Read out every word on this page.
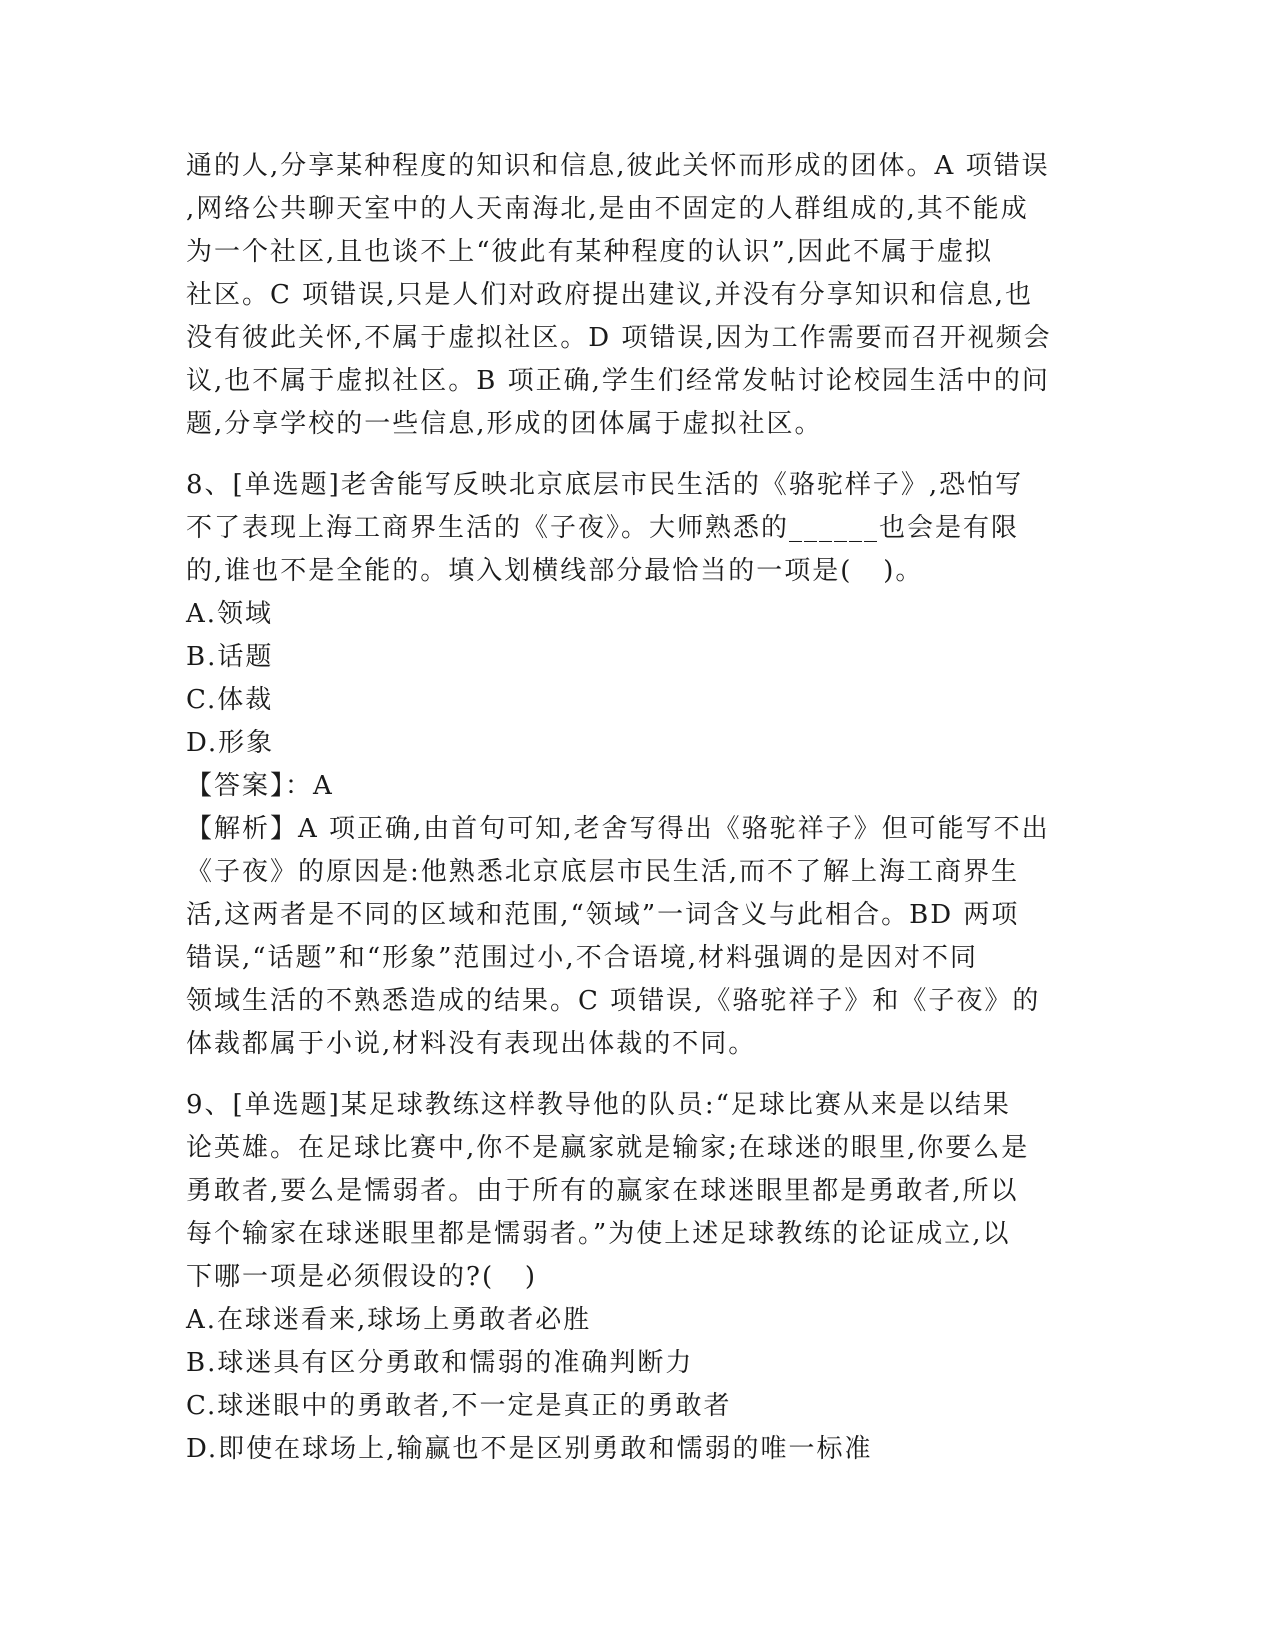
通的人,分享某种程度的知识和信息,彼此关怀而形成的团体。A 项错误
,网络公共聊天室中的人天南海北,是由不固定的人群组成的,其不能成
为一个社区,且也谈不上“彼此有某种程度的认识”,因此不属于虚拟
社区。C 项错误,只是人们对政府提出建议,并没有分享知识和信息,也
没有彼此关怀,不属于虚拟社区。D 项错误,因为工作需要而召开视频会
议,也不属于虚拟社区。B 项正确,学生们经常发帖讨论校园生活中的问
题,分享学校的一些信息,形成的团体属于虚拟社区。
8、[单选题]老舍能写反映北京底层市民生活的《骆驼样子》,恐怕写
不了表现上海工商界生活的《子夜》。大师熟悉的______也会是有限
的,谁也不是全能的。填入划横线部分最恰当的一项是(   )。
A.领域
B.话题
C.体裁
D.形象
【答案】：A
【解析】A 项正确,由首句可知,老舍写得出《骆驼祥子》但可能写不出
《子夜》的原因是:他熟悉北京底层市民生活,而不了解上海工商界生
活,这两者是不同的区域和范围,“领域”一词含义与此相合。BD 两项
错误,“话题”和“形象”范围过小,不合语境,材料强调的是因对不同
领域生活的不熟悉造成的结果。C 项错误,《骆驼祥子》和《子夜》的
体裁都属于小说,材料没有表现出体裁的不同。
9、[单选题]某足球教练这样教导他的队员:“足球比赛从来是以结果
论英雄。在足球比赛中,你不是赢家就是输家;在球迷的眼里,你要么是
勇敢者,要么是懦弱者。由于所有的赢家在球迷眼里都是勇敢者,所以
每个输家在球迷眼里都是懦弱者。”为使上述足球教练的论证成立,以
下哪一项是必须假设的?(   )
A.在球迷看来,球场上勇敢者必胜
B.球迷具有区分勇敢和懦弱的准确判断力
C.球迷眼中的勇敢者,不一定是真正的勇敢者
D.即使在球场上,输赢也不是区别勇敢和懦弱的唯一标准
